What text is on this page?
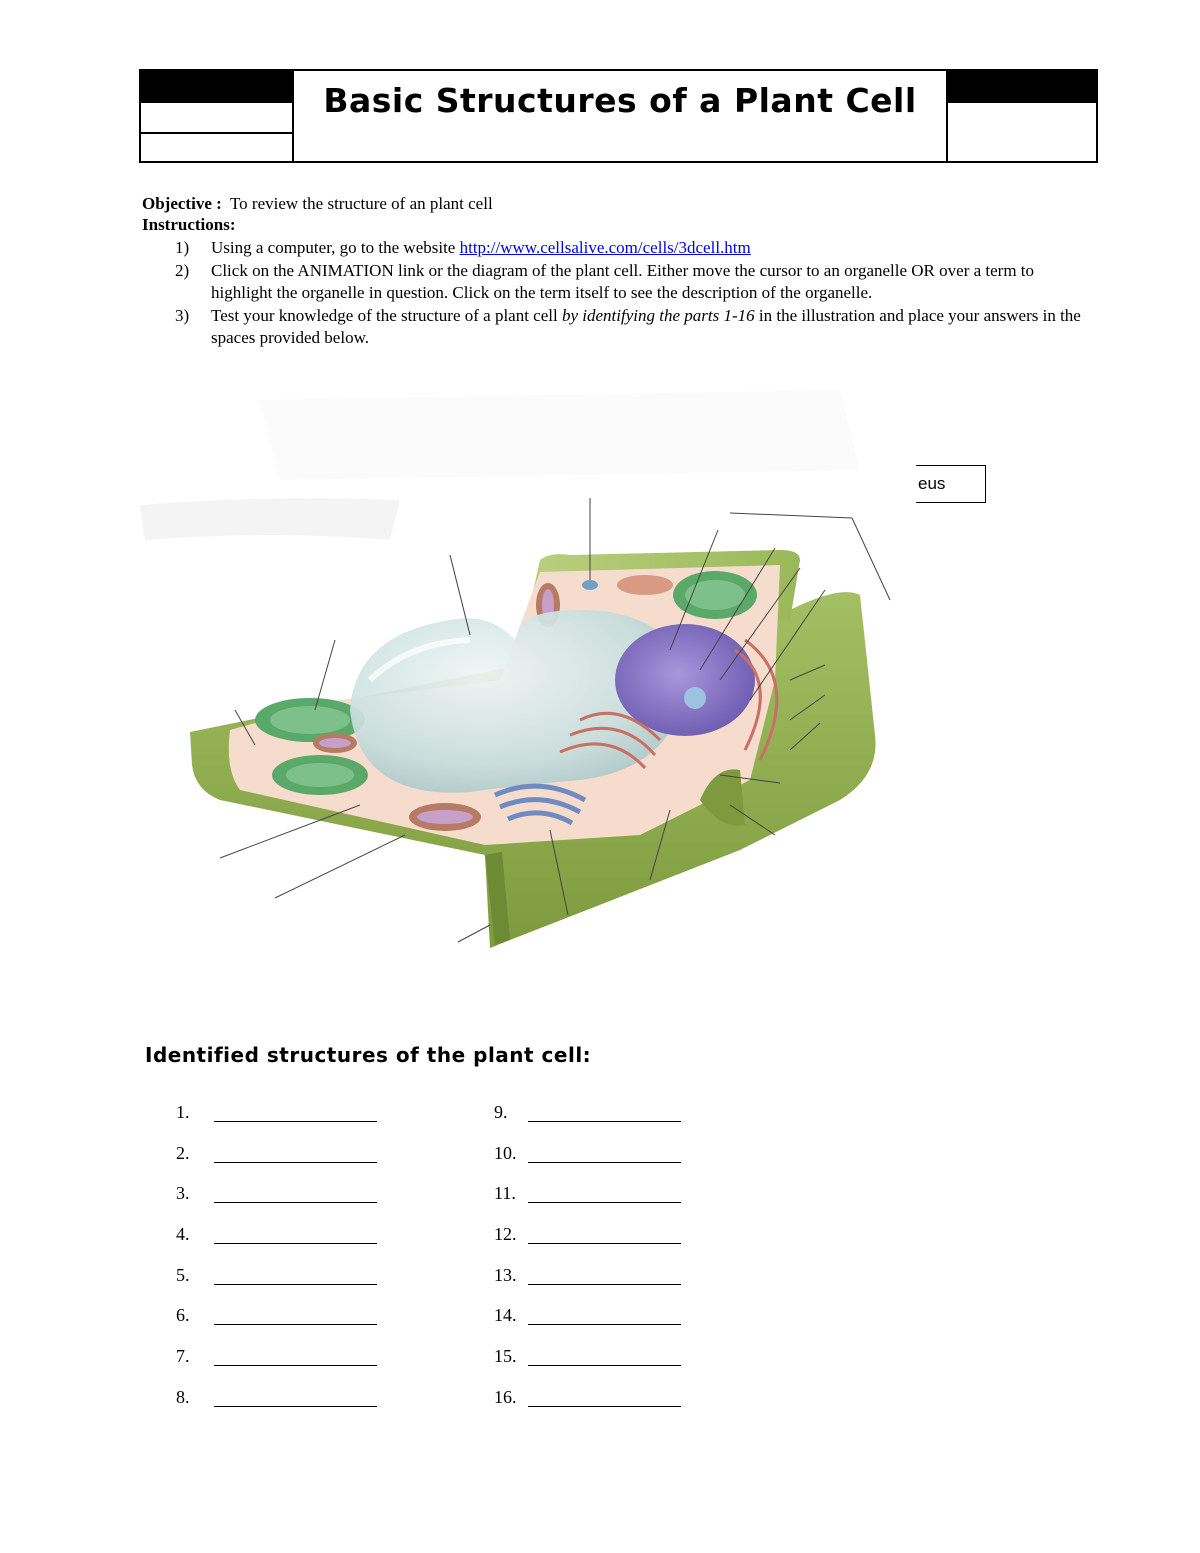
Basic Structures of a Plant Cell
Objective : To review the structure of an plant cell
Instructions:
1)	Using a computer, go to the website http://www.cellsalive.com/cells/3dcell.htm
2)	Click on the ANIMATION link or the diagram of the plant cell. Either move the cursor to an organelle OR over a term to highlight the organelle in question. Click on the term itself to see the description of the organelle.
3)	Test your knowledge of the structure of a plant cell by identifying the parts 1-16 in the illustration and place your answers in the spaces provided below.
eus
Identified structures of the plant cell:
1.
2.
3.
4.
5.
6.
7.
8.
9.
10.
11.
12.
13.
14.
15.
16.
